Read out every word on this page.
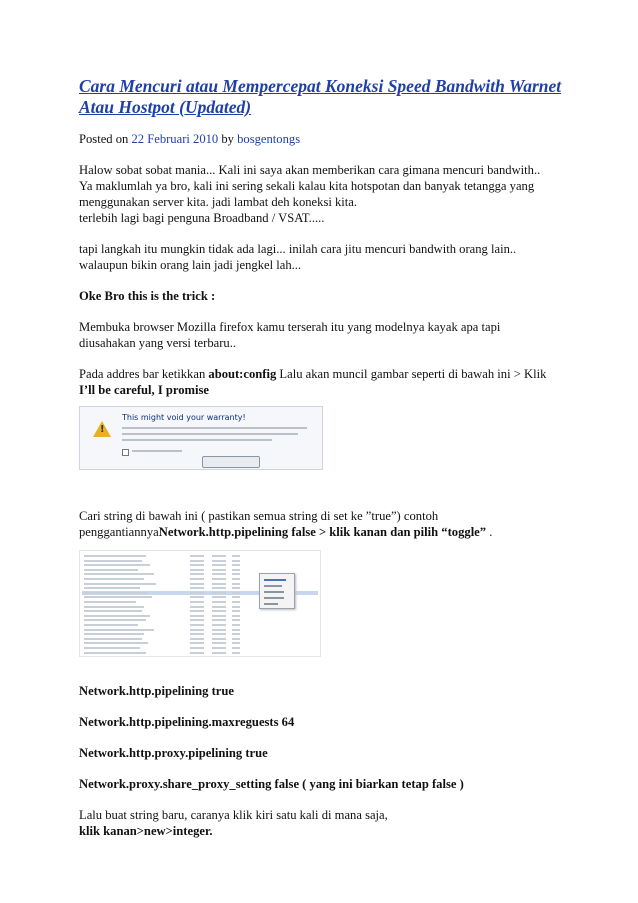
Cara Mencuri atau Mempercepat Koneksi Speed Bandwith Warnet Atau Hostpot (Updated)

Posted on 22 Februari 2010 by bosgentongs

Halow sobat sobat mania... Kali ini saya akan memberikan cara gimana mencuri bandwith..
Ya maklumlah ya bro, kali ini sering sekali kalau kita hotspotan dan banyak tetangga yang
menggunakan server kita. jadi lambat deh koneksi kita.
terlebih lagi bagi penguna Broadband / VSAT.....

tapi langkah itu mungkin tidak ada lagi... inilah cara jitu mencuri bandwith orang lain..
walaupun bikin orang lain jadi jengkel lah...

Oke Bro this is the trick :

Membuka browser Mozilla firefox kamu terserah itu yang modelnya kayak apa tapi
diusahakan yang versi terbaru..

Pada addres bar ketikkan about:config Lalu akan muncil gambar seperti di bawah ini > Klik
I’ll be careful, I promise

!
This might void your warranty!

Cari string di bawah ini ( pastikan semua string di set ke ”true”) contoh
penggantiannyaNetwork.http.pipelining false > klik kanan dan pilih “toggle” .

Network.http.pipelining true

Network.http.pipelining.maxreguests 64

Network.http.proxy.pipelining true

Network.proxy.share_proxy_setting false ( yang ini biarkan tetap false )

Lalu buat string baru, caranya klik kiri satu kali di mana saja,
klik kanan>new>integer.
